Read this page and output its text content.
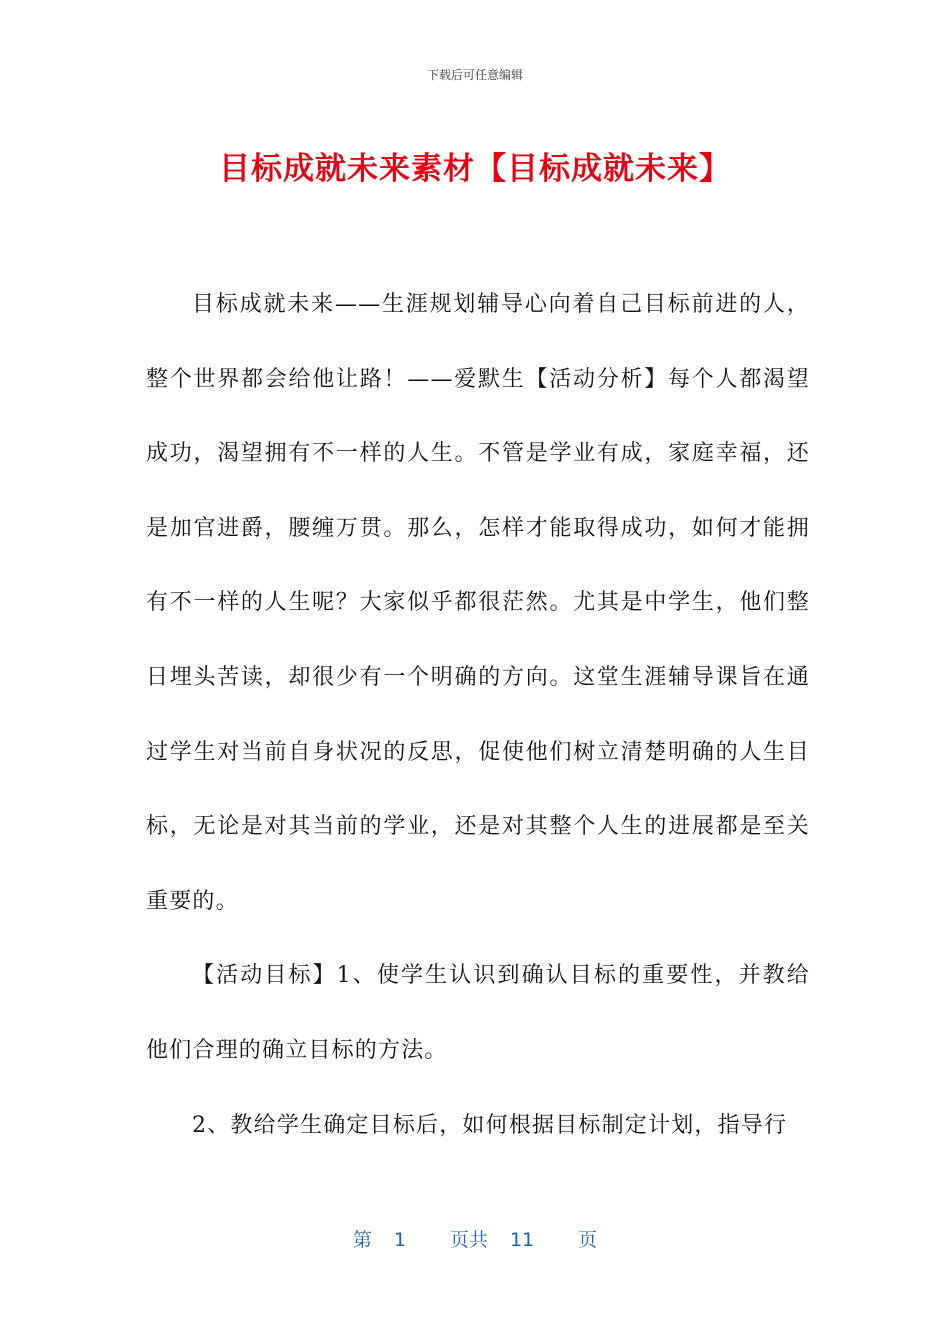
下载后可任意编辑
目标成就未来素材【目标成就未来】

目标成就未来——生涯规划辅导心向着自己目标前进的人，整个世界都会给他让路！——爱默生【活动分析】每个人都渴望成功，渴望拥有不一样的人生。不管是学业有成，家庭幸福，还是加官进爵，腰缠万贯。那么，怎样才能取得成功，如何才能拥有不一样的人生呢？大家似乎都很茫然。尤其是中学生，他们整日埋头苦读，却很少有一个明确的方向。这堂生涯辅导课旨在通过学生对当前自身状况的反思，促使他们树立清楚明确的人生目标，无论是对其当前的学业，还是对其整个人生的进展都是至关重要的。

【活动目标】1、使学生认识到确认目标的重要性，并教给他们合理的确立目标的方法。

2、教给学生确定目标后，如何根据目标制定计划，指导行

第 1 页共 11 页
